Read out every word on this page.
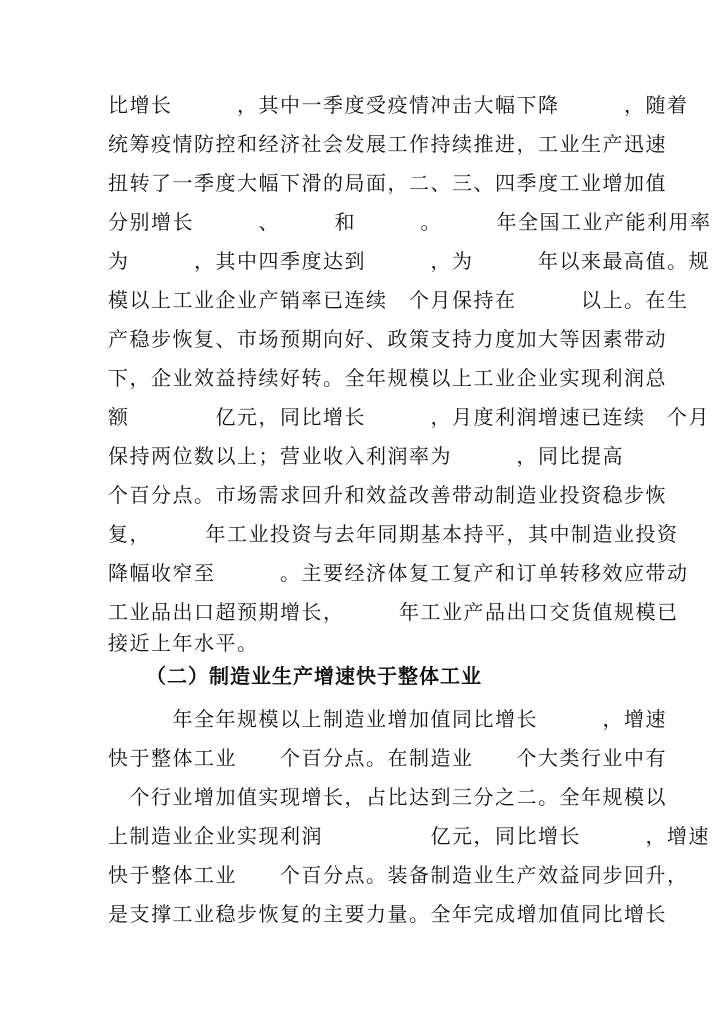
比增长　　　，其中一季度受疫情冲击大幅下降　　　，随着
统筹疫情防控和经济社会发展工作持续推进，工业生产迅速
扭转了一季度大幅下滑的局面，二、三、四季度工业增加值
分别增长　　　、　　　和　　　。　　　年全国工业产能利用率
为　　　，其中四季度达到　　　，为　　　年以来最高值。规
模以上工业企业产销率已连续　个月保持在　　　以上。在生
产稳步恢复、市场预期向好、政策支持力度加大等因素带动
下，企业效益持续好转。全年规模以上工业企业实现利润总
额　　　　亿元，同比增长　　　，月度利润增速已连续　个月
保持两位数以上；营业收入利润率为　　　，同比提高　　　
个百分点。市场需求回升和效益改善带动制造业投资稳步恢
复，　　　年工业投资与去年同期基本持平，其中制造业投资
降幅收窄至　　　。主要经济体复工复产和订单转移效应带动
工业品出口超预期增长，　　　年工业产品出口交货值规模已
接近上年水平。
（二）制造业生产增速快于整体工业
　　　年全年规模以上制造业增加值同比增长　　　，增速
快于整体工业　　个百分点。在制造业　　个大类行业中有
　个行业增加值实现增长，占比达到三分之二。全年规模以
上制造业企业实现利润　　　　　亿元，同比增长　　　，增速
快于整体工业　　个百分点。装备制造业生产效益同步回升，
是支撑工业稳步恢复的主要力量。全年完成增加值同比增长
